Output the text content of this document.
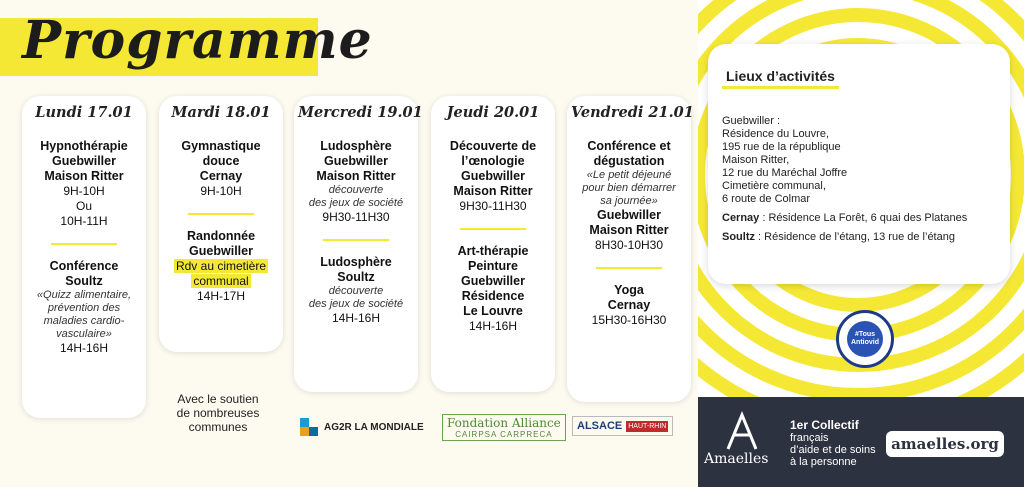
Programme
Lundi 17.01
Hypnothérapie
Guebwiller
Maison Ritter
9H-10H
Ou
10H-11H
Conférence
Soultz
«Quizz alimentaire,
prévention des
maladies cardio-
vasculaire»
14H-16H
Mardi 18.01
Gymnastique
douce
Cernay
9H-10H
Randonnée
Guebwiller
Rdv au cimetière
communal
14H-17H
Mercredi 19.01
Ludosphère
Guebwiller
Maison Ritter
découverte
des jeux de société
9H30-11H30
Ludosphère
Soultz
découverte
des jeux de société
14H-16H
Jeudi 20.01
Découverte de
l’œnologie
Guebwiller
Maison Ritter
9H30-11H30
Art-thérapie
Peinture
Guebwiller
Résidence
Le Louvre
14H-16H
Vendredi 21.01
Conférence et
dégustation
«Le petit déjeuné
pour bien démarrer
sa journée»
Guebwiller
Maison Ritter
8H30-10H30
Yoga
Cernay
15H30-16H30
Avec le soutien
de nombreuses
communes	AG2R LA MONDIALE Fondation Alliance
CAIRPSA CARPRECA
ALSACE HAUT-RHIN
Lieux d’activités

Guebwiller :

Résidence du Louvre,

195 rue de la république

Maison Ritter,

12 rue du Maréchal Joffre

Cimetière communal,

6 route de Colmar

Cernay : Résidence La Forêt, 6 quai des Platanes

Soultz : Résidence de l’étang, 13 rue de l’étang

#Tous Antiovid
Amaelles
1er Collectif
français
d’aide et de soins
à la personne
amaelles.org
